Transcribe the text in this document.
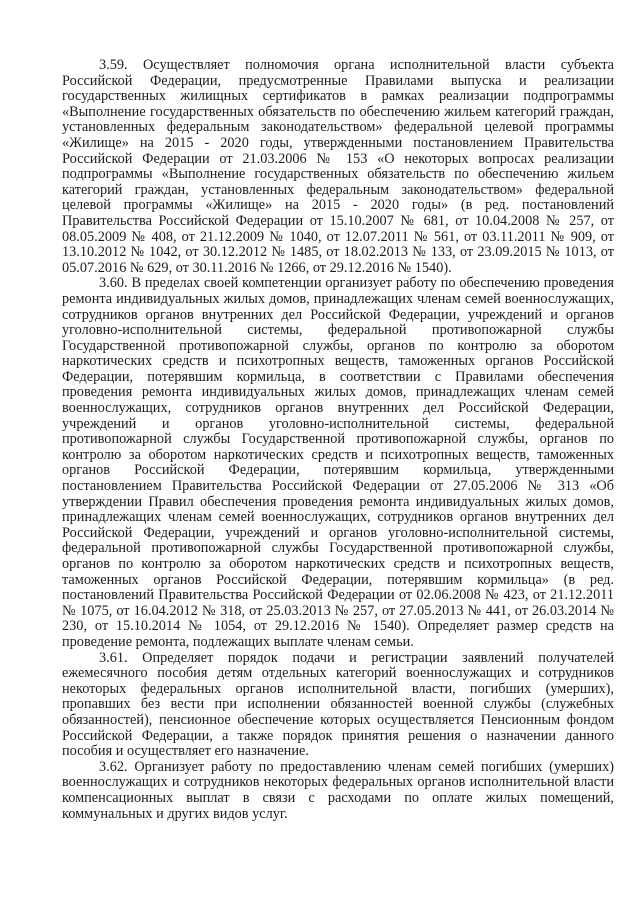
3.59. Осуществляет полномочия органа исполнительной власти субъекта Российской Федерации, предусмотренные Правилами выпуска и реализации государственных жилищных сертификатов в рамках реализации подпрограммы «Выполнение государственных обязательств по обеспечению жильем категорий граждан, установленных федеральным законодательством» федеральной целевой программы «Жилище» на 2015 - 2020 годы, утвержденными постановлением Правительства Российской Федерации от 21.03.2006 № 153 «О некоторых вопросах реализации подпрограммы «Выполнение государственных обязательств по обеспечению жильем категорий граждан, установленных федеральным законодательством» федеральной целевой программы «Жилище» на 2015 - 2020 годы» (в ред. постановлений Правительства Российской Федерации от 15.10.2007 № 681, от 10.04.2008 № 257, от 08.05.2009 № 408, от 21.12.2009 № 1040, от 12.07.2011 № 561, от 03.11.2011 № 909, от 13.10.2012 № 1042, от 30.12.2012 № 1485, от 18.02.2013 № 133, от 23.09.2015 № 1013, от 05.07.2016 № 629, от 30.11.2016 № 1266, от 29.12.2016 № 1540).

3.60. В пределах своей компетенции организует работу по обеспечению проведения ремонта индивидуальных жилых домов, принадлежащих членам семей военнослужащих, сотрудников органов внутренних дел Российской Федерации, учреждений и органов уголовно-исполнительной системы, федеральной противопожарной службы Государственной противопожарной службы, органов по контролю за оборотом наркотических средств и психотропных веществ, таможенных органов Российской Федерации, потерявшим кормильца, в соответствии с Правилами обеспечения проведения ремонта индивидуальных жилых домов, принадлежащих членам семей военнослужащих, сотрудников органов внутренних дел Российской Федерации, учреждений и органов уголовно-исполнительной системы, федеральной противопожарной службы Государственной противопожарной службы, органов по контролю за оборотом наркотических средств и психотропных веществ, таможенных органов Российской Федерации, потерявшим кормильца, утвержденными постановлением Правительства Российской Федерации от 27.05.2006 № 313 «Об утверждении Правил обеспечения проведения ремонта индивидуальных жилых домов, принадлежащих членам семей военнослужащих, сотрудников органов внутренних дел Российской Федерации, учреждений и органов уголовно-исполнительной системы, федеральной противопожарной службы Государственной противопожарной службы, органов по контролю за оборотом наркотических средств и психотропных веществ, таможенных органов Российской Федерации, потерявшим кормильца» (в ред. постановлений Правительства Российской Федерации от 02.06.2008 № 423, от 21.12.2011 № 1075, от 16.04.2012 № 318, от 25.03.2013 № 257, от 27.05.2013 № 441, от 26.03.2014 № 230, от 15.10.2014 № 1054, от 29.12.2016 № 1540). Определяет размер средств на проведение ремонта, подлежащих выплате членам семьи.

3.61. Определяет порядок подачи и регистрации заявлений получателей ежемесячного пособия детям отдельных категорий военнослужащих и сотрудников некоторых федеральных органов исполнительной власти, погибших (умерших), пропавших без вести при исполнении обязанностей военной службы (служебных обязанностей), пенсионное обеспечение которых осуществляется Пенсионным фондом Российской Федерации, а также порядок принятия решения о назначении данного пособия и осуществляет его назначение.

3.62. Организует работу по предоставлению членам семей погибших (умерших) военнослужащих и сотрудников некоторых федеральных органов исполнительной власти компенсационных выплат в связи с расходами по оплате жилых помещений, коммунальных и других видов услуг.
